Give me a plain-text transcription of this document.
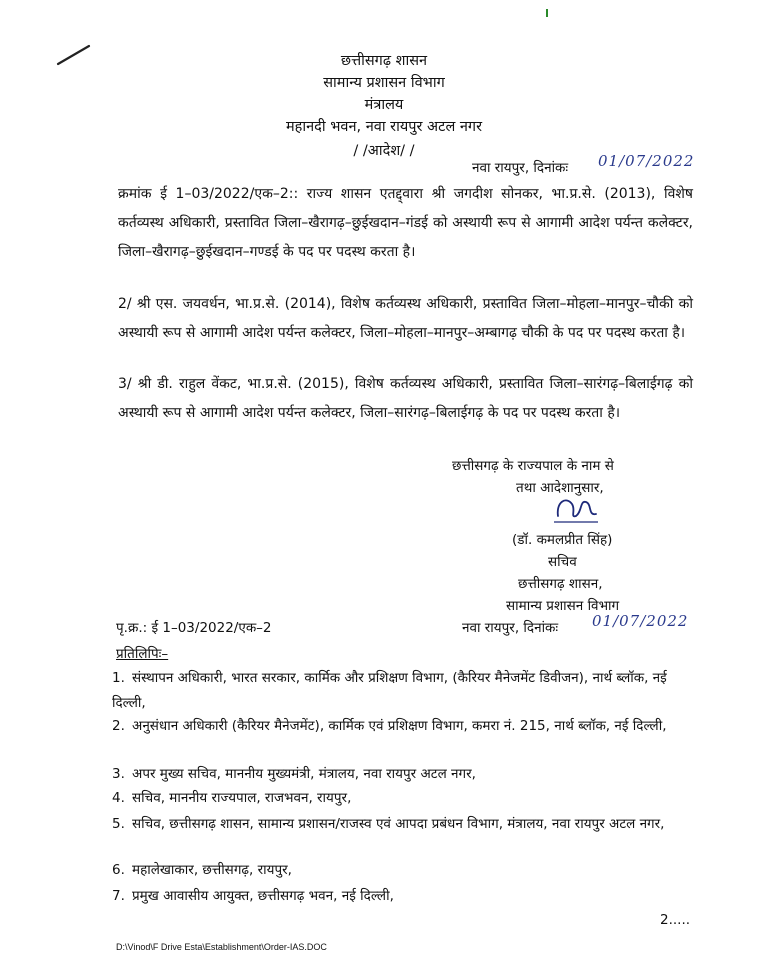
छत्तीसगढ़ शासन
सामान्य प्रशासन विभाग
मंत्रालय
महानदी भवन, नवा रायपुर अटल नगर
/ /आदेश/ /
नवा रायपुर, दिनांकः 01/07/2022
क्रमांक ई 1–03/2022/एक–2:: राज्य शासन एतद्द्वारा श्री जगदीश सोनकर, भा.प्र.से. (2013), विशेष कर्तव्यस्थ अधिकारी, प्रस्तावित जिला–खैरागढ़–छुईखदान–गंडई को अस्थायी रूप से आगामी आदेश पर्यन्त कलेक्टर, जिला–खैरागढ़–छुईखदान–गण्डई के पद पर पदस्थ करता है।
2/ श्री एस. जयवर्धन, भा.प्र.से. (2014), विशेष कर्तव्यस्थ अधिकारी, प्रस्तावित जिला–मोहला–मानपुर–चौकी को अस्थायी रूप से आगामी आदेश पर्यन्त कलेक्टर, जिला–मोहला–मानपुर–अम्बागढ़ चौकी के पद पर पदस्थ करता है।
3/ श्री डी. राहुल वेंकट, भा.प्र.से. (2015), विशेष कर्तव्यस्थ अधिकारी, प्रस्तावित जिला–सारंगढ़–बिलाईगढ़ को अस्थायी रूप से आगामी आदेश पर्यन्त कलेक्टर, जिला–सारंगढ़–बिलाईगढ़ के पद पर पदस्थ करता है।
छत्तीसगढ़ के राज्यपाल के नाम से
तथा आदेशानुसार,
(डॉ. कमलप्रीत सिंह)
सचिव
छत्तीसगढ़ शासन,
सामान्य प्रशासन विभाग
पृ.क्र.: ई 1–03/2022/एक–2	नवा रायपुर, दिनांकः 01/07/2022
प्रतिलिपिः–
1. संस्थापन अधिकारी, भारत सरकार, कार्मिक और प्रशिक्षण विभाग, (कैरियर मैनेजमेंट डिवीजन), नार्थ ब्लॉक, नई दिल्ली,
2. अनुसंधान अधिकारी (कैरियर मैनेजमेंट), कार्मिक एवं प्रशिक्षण विभाग, कमरा नं. 215, नार्थ ब्लॉक, नई दिल्ली,
3. अपर मुख्य सचिव, माननीय मुख्यमंत्री, मंत्रालय, नवा रायपुर अटल नगर,
4. सचिव, माननीय राज्यपाल, राजभवन, रायपुर,
5. सचिव, छत्तीसगढ़ शासन, सामान्य प्रशासन/राजस्व एवं आपदा प्रबंधन विभाग, मंत्रालय, नवा रायपुर अटल नगर,
6. महालेखाकार, छत्तीसगढ़, रायपुर,
7. प्रमुख आवासीय आयुक्त, छत्तीसगढ़ भवन, नई दिल्ली,
2.....
D:\Vinod\F Drive Esta\Establishment\Order-IAS.DOC
